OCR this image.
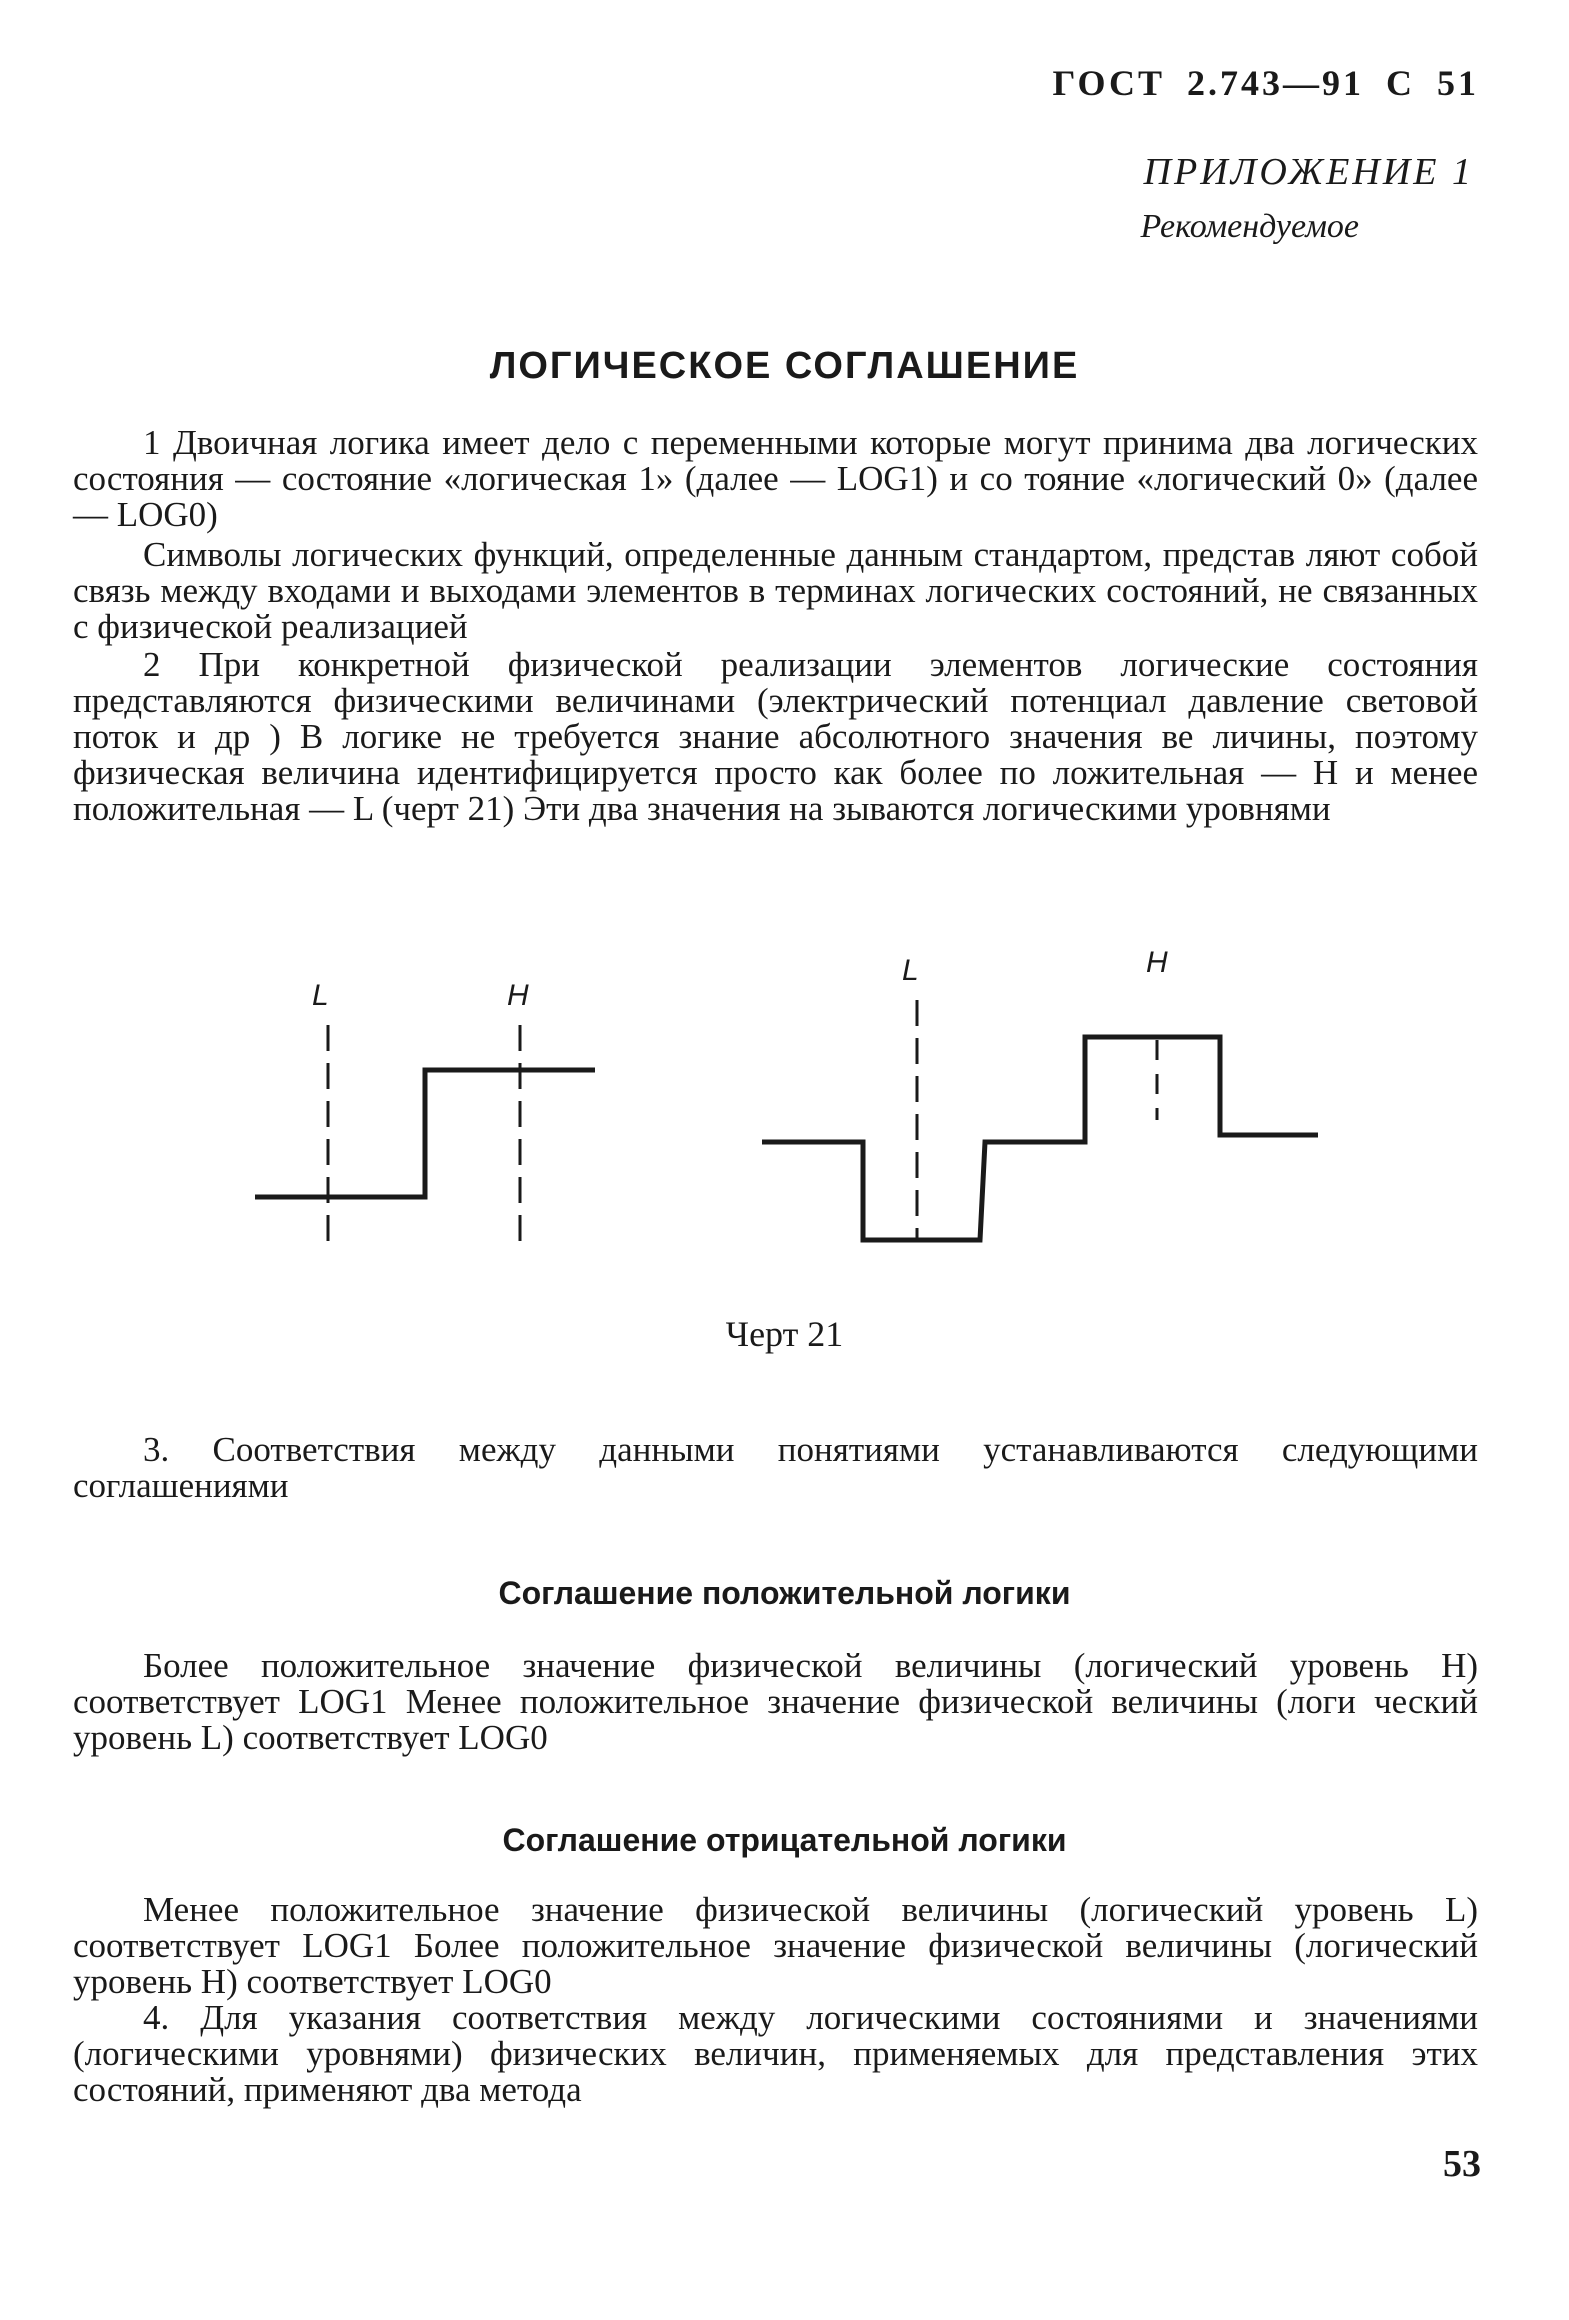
ГОСТ 2.743—91 С 51
ПРИЛОЖЕНИЕ 1
Рекомендуемое
ЛОГИЧЕСКОЕ СОГЛАШЕНИЕ

1 Двоичная логика имеет дело с переменными которые могут принима два логических состояния — состояние «логическая 1» (далее — LOG1) и со тояние «логический 0» (далее — LOG0)

Символы логических функций, определенные данным стандартом, представ ляют собой связь между входами и выходами элементов в терминах логических состояний, не связанных с физической реализацией

2 При конкретной физической реализации элементов логические состояния представляются физическими величинами (электрический потенциал давление световой поток и др ) В логике не требуется знание абсолютного значения ве личины, поэтому физическая величина идентифицируется просто как более по ложительная — H и менее положительная — L (черт 21) Эти два значения на зываются логическими уровнями

L	H
L	H
Черт 21

3. Соответствия между данными понятиями устанавливаются следующими соглашениями

Соглашение положительной логики

Более положительное значение физической величины (логический уровень Н) соответствует LOG1 Менее положительное значение физической величины (логи ческий уровень L) соответствует LOG0

Соглашение отрицательной логики

Менее положительное значение физической величины (логический уровень L) соответствует LOG1 Более положительное значение физической величины (логический уровень H) соответствует LOG0

4. Для указания соответствия между логическими состояниями и значениями (логическими уровнями) физических величин, применяемых для представления этих состояний, применяют два метода

53
